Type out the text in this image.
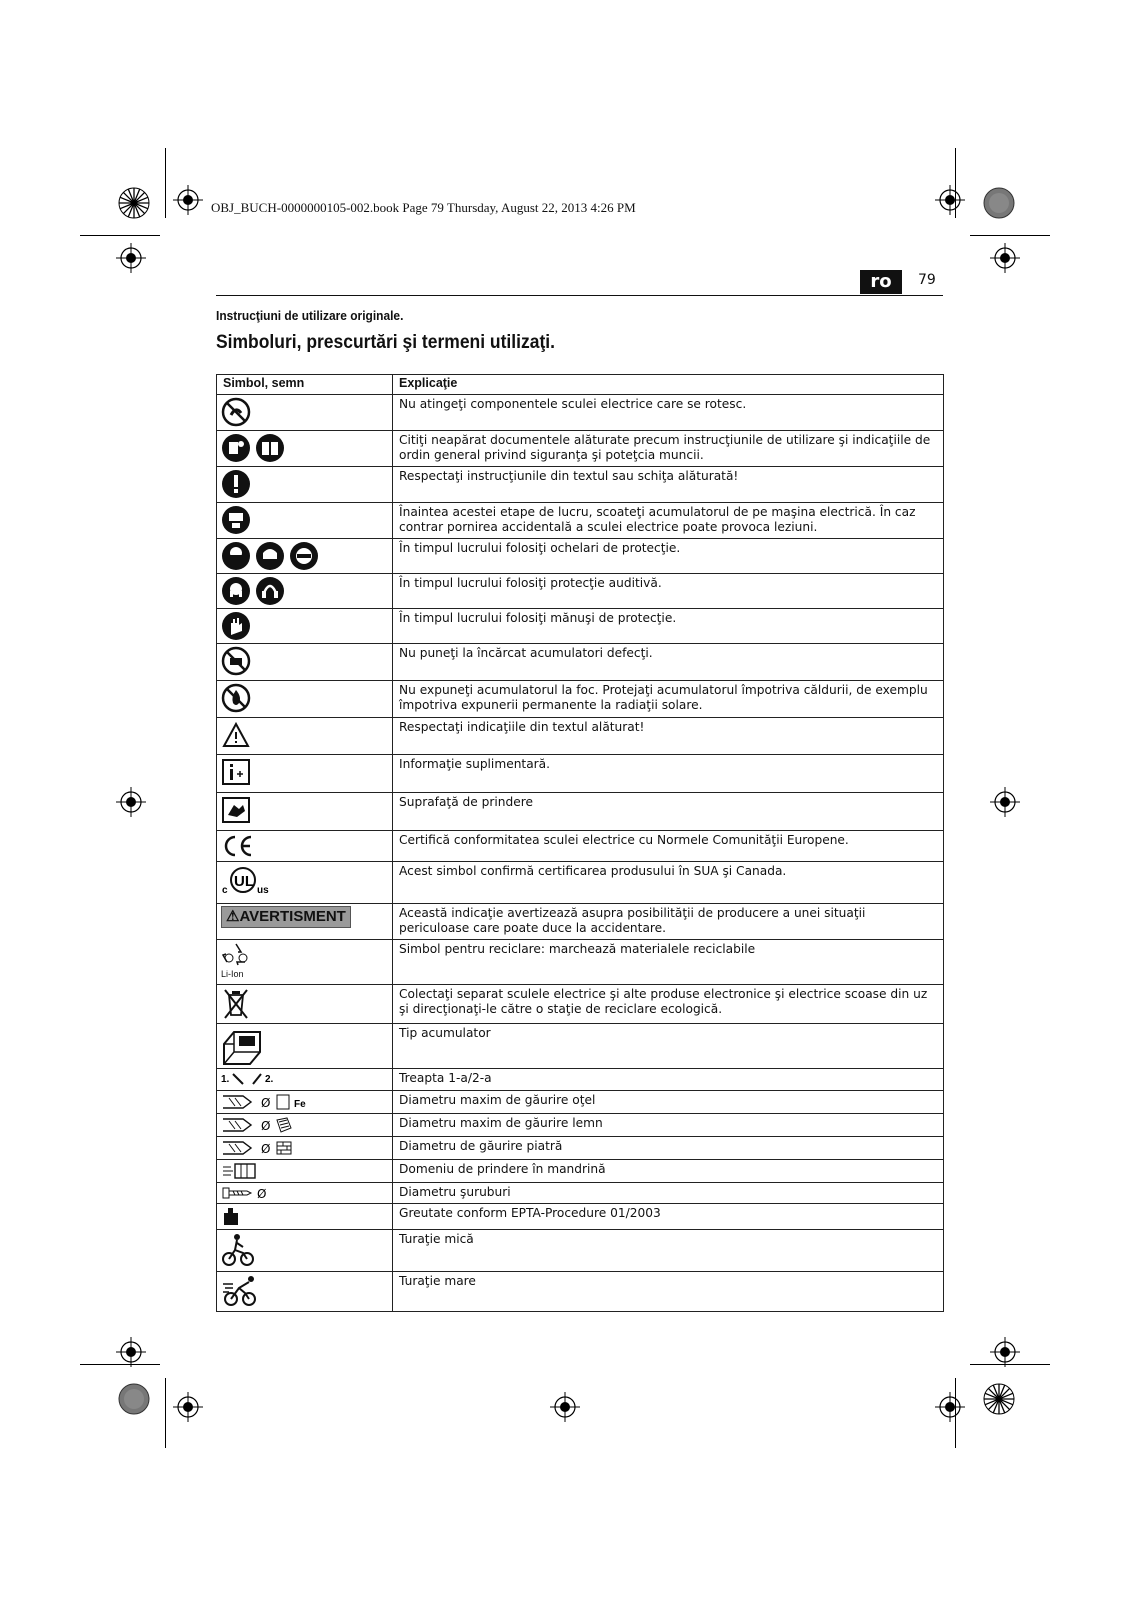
OBJ_BUCH-0000000105-002.book Page 79 Thursday, August 22, 2013 4:26 PM
ro	79
Instrucţiuni de utilizare originale.
Simboluri, prescurtări şi termeni utilizaţi.
Simbol, semn	Explicaţie
	Nu atingeţi componentele sculei electrice care se rotesc.
	Citiţi neapărat documentele alăturate precum instrucţiunile de utilizare şi indicaţiile de ordin general privind siguranţa şi poteţcia muncii.
	Respectaţi instrucţiunile din textul sau schiţa alăturată!
	Înaintea acestei etape de lucru, scoateţi acumulatorul de pe maşina electrică. În caz contrar pornirea accidentală a sculei electrice poate provoca leziuni.
	În timpul lucrului folosiţi ochelari de protecţie.
	În timpul lucrului folosiţi protecţie auditivă.
	În timpul lucrului folosiţi mănuşi de protecţie.
	Nu puneţi la încărcat acumulatori defecţi.
	Nu expuneţi acumulatorul la foc. Protejaţi acumulatorul împotriva căldurii, de exemplu împotriva expunerii permanente la radiaţii solare.
	Respectaţi indicaţiile din textul alăturat!
	Informaţie suplimentară.
	Suprafaţă de prindere
	Certifică conformitatea sculei electrice cu Normele Comunităţii Europene.

c
UL
us	Acest simbol confirmă certificarea produsului în SUA şi Canada.
⚠AVERTISMENT	Această indicaţie avertizează asupra posibilităţii de producere a unei situaţii periculoase care poate duce la accidentare.

Li-Ion	Simbol pentru reciclare: marchează materialele reciclabile
	Colectaţi separat sculele electrice şi alte produse electronice şi electrice scoase din uz şi direcţionaţi-le către o staţie de reciclare ecologică.
	Tip acumulator

1. 2.	Treapta 1-a/2-a

Ø Fe	Diametru maxim de găurire oţel

Ø	Diametru maxim de găurire lemn

Ø	Diametru de găurire piatră
	Domeniu de prindere în mandrină

Ø	Diametru şuruburi
	Greutate conform EPTA-Procedure 01/2003
	Turaţie mică
	Turaţie mare
